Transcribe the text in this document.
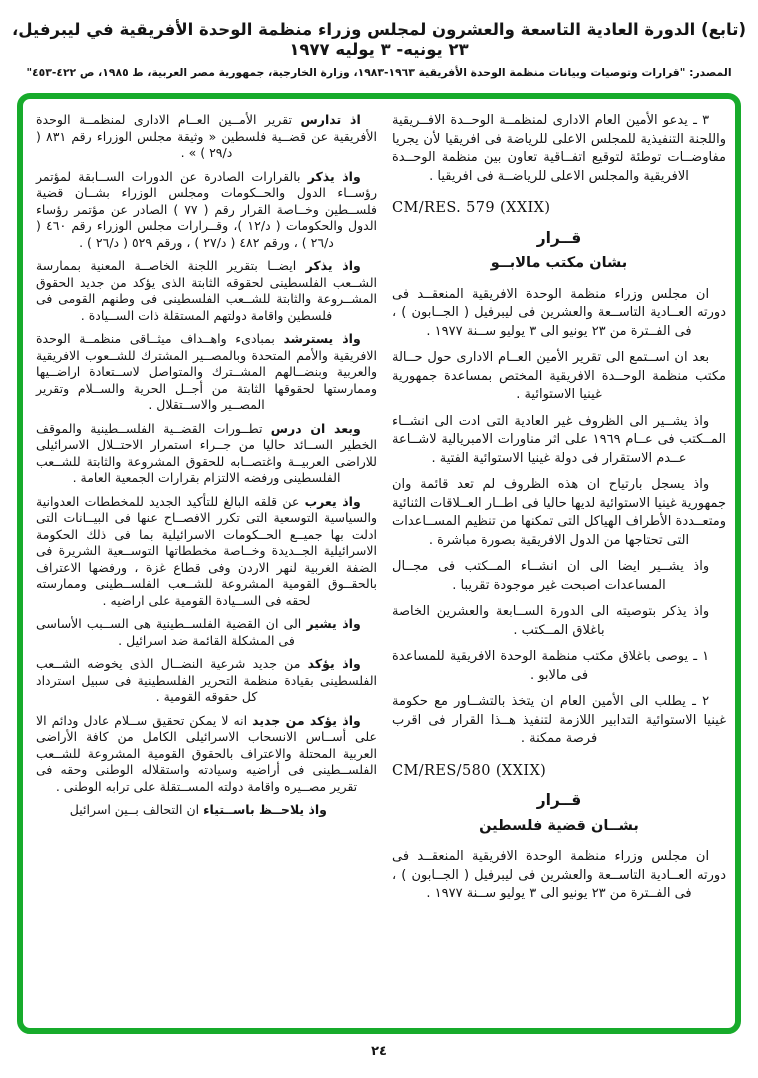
(تابع) الدورة العادية التاسعة والعشرون لمجلس وزراء منظمة الوحدة الأفريقية في ليبرفيل، ٢٣ يونيه- ٣ يوليه ١٩٧٧
المصدر: "قرارات وتوصيات وبيانات منظمة الوحدة الأفريقية ١٩٦٣-١٩٨٣، وزارة الخارجية، جمهورية مصر العربية، ط ١٩٨٥، ص ٤٢٢-٤٥٣"

٣ ـ يدعو الأمين العام الادارى لمنظمــة الوحــدة الافــريقية واللجنة التنفيذية للمجلس الاعلى للرياضة فى افريقيا لأن يجريا مفاوضــات توطئة لتوقيع اتفــاقية تعاون بين منظمة الوحــدة الافريقية والمجلس الاعلى للرياضــة فى افريقيا .

CM/RES. 579 (XXIX)
قــرار
بشان مكتب مالابــو

ان مجلس وزراء منظمة الوحدة الافريقية المنعقــد فى دورته العــادية التاســعة والعشرين فى ليبرفيل ( الجــابون ) ، فى الفــترة من ٢٣ يونيو الى ٣ يوليو ســنة ١٩٧٧ .

بعد ان اســتمع الى تقرير الأمين العــام الادارى حول حــالة مكتب منظمة الوحــدة الافريقية المختص بمساعدة جمهورية غينيا الاستوائية .

واذ يشــير الى الظروف غير العادية التى ادت الى انشــاء المــكتب فى عــام ١٩٦٩ على اثر مناورات الامبريالية لاشــاعة عــدم الاستقرار فى دولة غينيا الاستوائية الفتية .

واذ يسجل بارتياح ان هذه الظروف لم تعد قائمة وان جمهورية غينيا الاستوائية لديها حاليا فى اطــار العــلاقات الثنائية ومتعــددة الأطراف الهياكل التى تمكنها من تنظيم المســاعدات التى تحتاجها من الدول الافريقية بصورة مباشرة .

واذ يشــير ايضا الى ان انشــاء المــكتب فى مجــال المساعدات اصبحت غير موجودة تقريبا .

واذ يذكر بتوصيته الى الدورة الســابعة والعشرين الخاصة باغلاق المــكتب .

١ ـ يوصى باغلاق مكتب منظمة الوحدة الافريقية للمساعدة فى مالابو .

٢ ـ يطلب الى الأمين العام ان يتخذ بالتشــاور مع حكومة غينيا الاستوائية التدابير اللازمة لتنفيذ هــذا القرار فى اقرب فرصة ممكنة .

CM/RES/580 (XXIX)
قــرار
بشــان قضية فلسطين

ان مجلس وزراء منظمة الوحدة الافريقية المنعقــد فى دورته العــادية التاســعة والعشرين فى ليبرفيل ( الجــابون ) ، فى الفــترة من ٢٣ يونيو الى ٣ يوليو ســنة ١٩٧٧ .

اذ تدارس تقرير الأمــين العــام الادارى لمنظمــة الوحدة الأفريقية عن قضــية فلسطين « وثيقة مجلس الوزراء رقم ٨٣١ ( د/٢٩ ) » .

واذ يذكر بالقرارات الصادرة عن الدورات الســابقة لمؤتمر رؤســاء الدول والحــكومات ومجلس الوزراء بشــان قضية فلســطين وخــاصة القرار رقم ( ٧٧ ) الصادر عن مؤتمر رؤساء الدول والحكومات ( د/١٢ )، وقــرارات مجلس الوزراء رقم ٤٦٠ ( د/٢٦ ) ، ورقم ٤٨٢ ( د/٢٧ ) ، ورقم ٥٢٩ ( د/٢٦ ) .

واذ يذكر ايضــا بتقرير اللجنة الخاصــة المعنية بممارسة الشــعب الفلسطينى لحقوقه الثابتة الذى يؤكد من جديد الحقوق المشــروعة والثابتة للشــعب الفلسطينى فى وطنهم القومى فى فلسطين واقامة دولتهم المستقلة ذات الســيادة .

واذ يسترشد بمبادىء واهــداف ميثــاقى منظمــة الوحدة الافريقية والأمم المتحدة وبالمصــير المشترك للشــعوب الافريقية والعربية وبنضــالهم المشــترك والمتواصل لاســتعادة اراضــيها وممارستها لحقوقها الثابتة من أجــل الحرية والســلام وتقرير المصــير والاســتقلال .

وبعد ان درس تطــورات القضــية الفلســطينية والموقف الخطير الســائد حاليا من جــراء استمرار الاحتــلال الاسرائيلى للاراضى العربيــة واغتصــابه للحقوق المشروعة والثابتة للشــعب الفلسطينى ورفضه الالتزام بقرارات الجمعية العامة .

واذ يعرب عن قلقه البالغ للتأكيد الجديد للمخططات العدوانية والسياسية التوسعية التى تكرر الافصــاح عنها فى البيــانات التى ادلت بها جميــع الحــكومات الاسرائيلية بما فى ذلك الحكومة الاسرائيلية الجــديدة وخــاصة مخططاتها التوســعية الشريرة فى الضفة الغربية لنهر الاردن وفى قطاع غزة ، ورفضها الاعتراف بالحقــوق القومية المشروعة للشــعب الفلســطينى وممارسته لحقه فى الســيادة القومية على اراضيه .

واذ يشير الى ان القضية الفلســطينية هى الســبب الأساسى فى المشكلة القائمة ضد اسرائيل .

واذ يؤكد من جديد شرعية النضــال الذى يخوضه الشــعب الفلسطينى بقيادة منظمة التحرير الفلسطينية فى سبيل استرداد كل حقوقه القومية .

واذ يؤكد من جديد انه لا يمكن تحقيق ســلام عادل ودائم الا على أســاس الانسحاب الاسرائيلى الكامل من كافة الأراضى العربية المحتلة والاعتراف بالحقوق القومية المشروعة للشــعب الفلســطينى فى أراضيه وسيادته واستقلاله الوطنى وحقه فى تقرير مصــيره واقامة دولته المســتقلة على ترابه الوطنى .

واذ يلاحــظ باســتياء ان التحالف بــين اسرائيل

٢٤
